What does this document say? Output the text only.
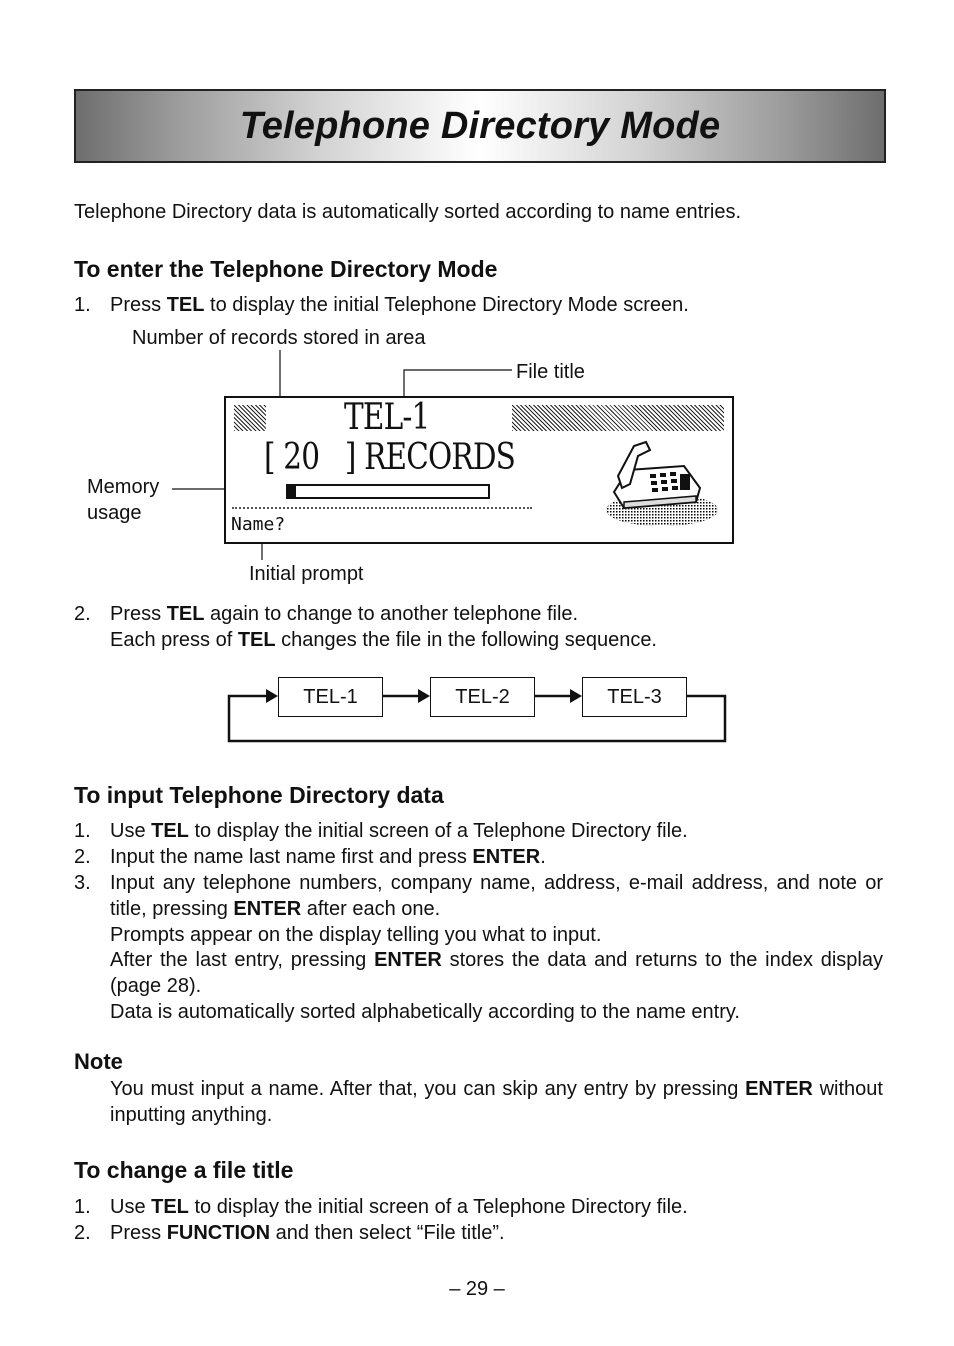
Telephone Directory Mode
Telephone Directory data is automatically sorted according to name entries.
To enter the Telephone Directory Mode
1. Press TEL to display the initial Telephone Directory Mode screen.
Number of records stored in area
File title
Memory
usage
Initial prompt
TEL-1
[ 20   ] RECORDS
Name?
2. Press TEL again to change to another telephone file.
Each press of TEL changes the file in the following sequence.
TEL-1	TEL-2	TEL-3
To input Telephone Directory data
1. Use TEL to display the initial screen of a Telephone Directory file.
2. Input the name last name first and press ENTER.
3. Input any telephone numbers, company name, address, e-mail address, and note or title, pressing ENTER after each one.
Prompts appear on the display telling you what to input.
After the last entry, pressing ENTER stores the data and returns to the index display (page 28).
Data is automatically sorted alphabetically according to the name entry.
Note
You must input a name. After that, you can skip any entry by pressing ENTER without inputting anything.
To change a file title
1. Use TEL to display the initial screen of a Telephone Directory file.
2. Press FUNCTION and then select “File title”.
– 29 –
